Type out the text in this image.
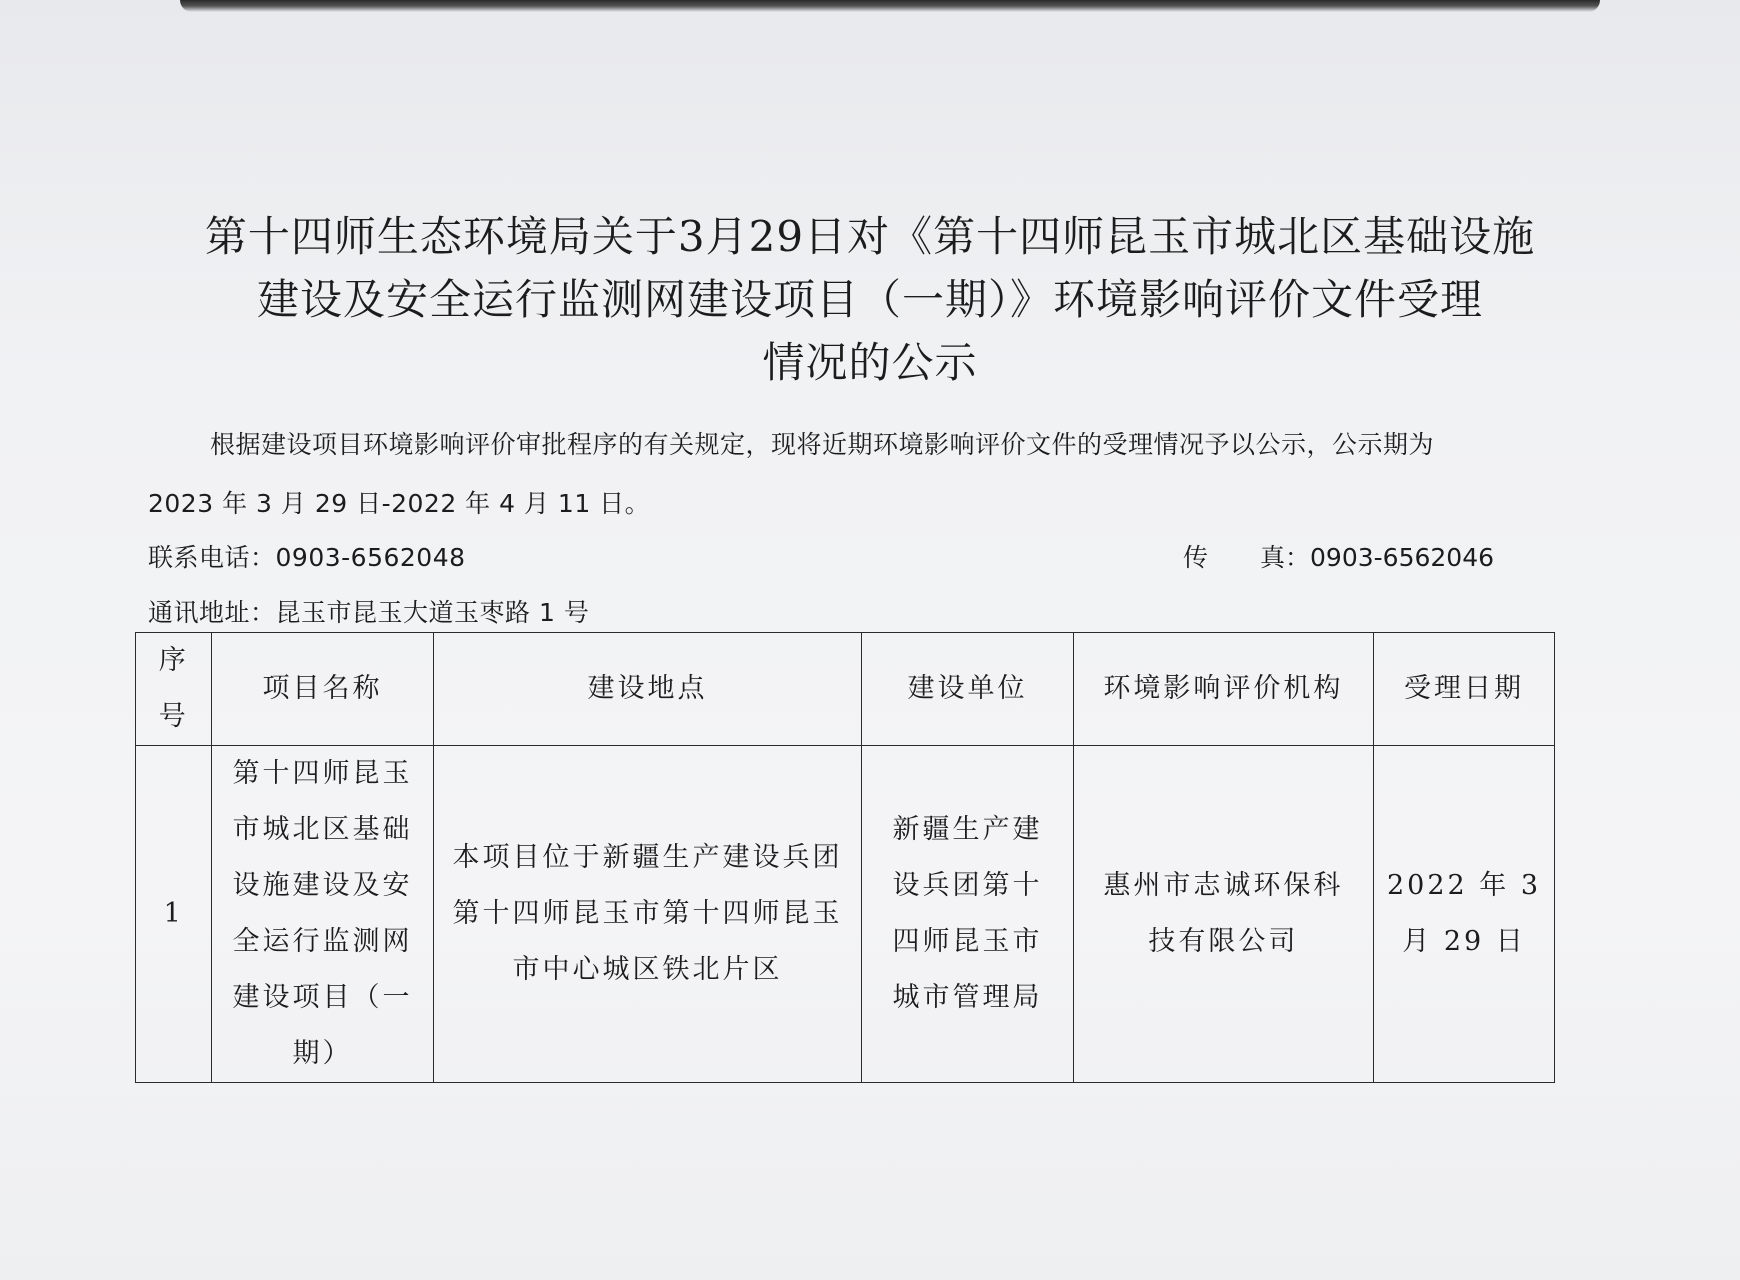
第十四师生态环境局关于3月29日对《第十四师昆玉市城北区基础设施
建设及安全运行监测网建设项目（一期）》环境影响评价文件受理
情况的公示
根据建设项目环境影响评价审批程序的有关规定，现将近期环境影响评价文件的受理情况予以公示，公示期为
2023 年 3 月 29 日-2022 年 4 月 11 日。
联系电话：0903-6562048	传 真：0903-6562046
通讯地址：昆玉市昆玉大道玉枣路 1 号
序
号	项目名称	建设地点	建设单位	环境影响评价机构	受理日期
1	第十四师昆玉市城北区基础设施建设及安全运行监测网建设项目（一期）	本项目位于新疆生产建设兵团第十四师昆玉市第十四师昆玉市中心城区铁北片区	新疆生产建设兵团第十四师昆玉市城市管理局	惠州市志诚环保科技有限公司	2022 年 3 月 29 日
